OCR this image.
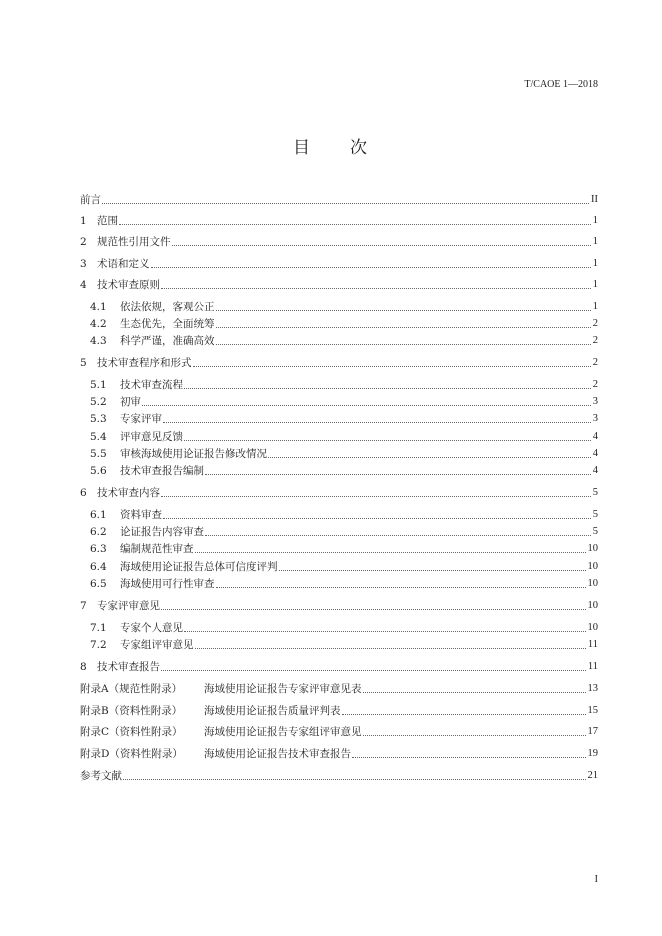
T/CAOE 1—2018
目　　次
前言	II
1 范围	1
2 规范性引用文件	1
3 术语和定义	1
4 技术审查原则	1
4.1	依法依规，客观公正	1
4.2	生态优先，全面统筹	2
4.3	科学严谨，准确高效	2
5 技术审查程序和形式	2
5.1	技术审查流程	2
5.2	初审	3
5.3	专家评审	3
5.4	评审意见反馈	4
5.5	审核海域使用论证报告修改情况	4
5.6	技术审查报告编制	4
6 技术审查内容	5
6.1	资料审查	5
6.2	论证报告内容审查	5
6.3	编制规范性审查	10
6.4	海域使用论证报告总体可信度评判	10
6.5	海域使用可行性审查	10
7 专家评审意见	10
7.1	专家个人意见	10
7.2	专家组评审意见	11
8 技术审查报告	11
附录A（规范性附录）	海域使用论证报告专家评审意见表	13
附录B（资料性附录）	海域使用论证报告质量评判表	15
附录C（资料性附录）	海域使用论证报告专家组评审意见	17
附录D（资料性附录）	海域使用论证报告技术审查报告	19
参考文献	21
I
